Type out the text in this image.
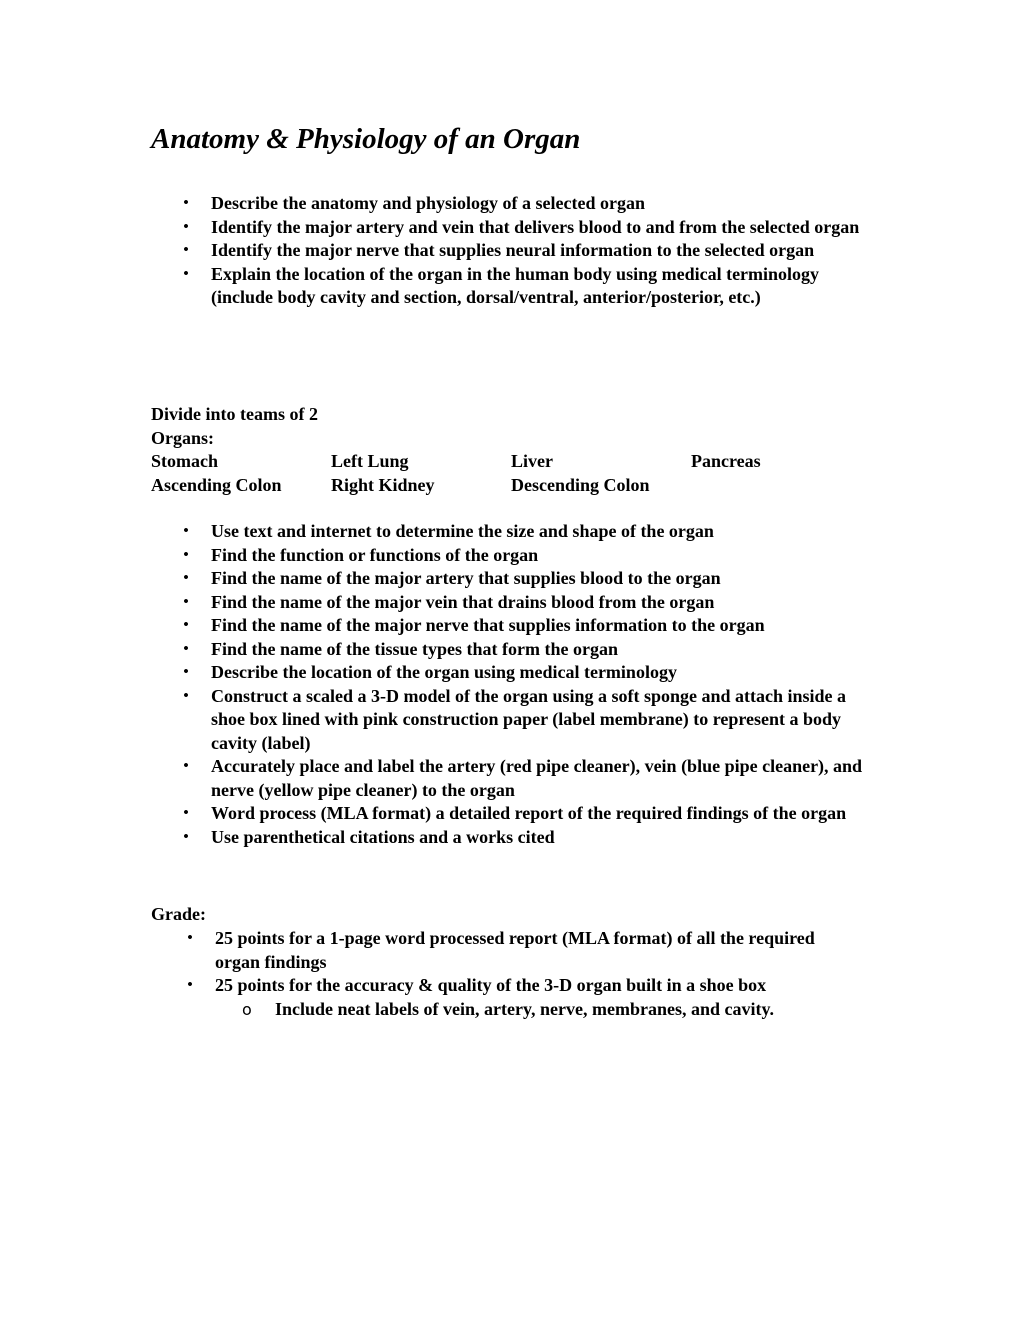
Anatomy & Physiology of an Organ
• Describe the anatomy and physiology of a selected organ
• Identify the major artery and vein that delivers blood to and from the selected organ
• Identify the major nerve that supplies neural information to the selected organ
• Explain the location of the organ in the human body using medical terminology (include body cavity and section, dorsal/ventral, anterior/posterior, etc.)

Divide into teams of 2

Organs:

Stomach	Left Lung	Liver	Pancreas
Ascending Colon	Right Kidney	Descending Colon	
• Use text and internet to determine the size and shape of the organ
• Find the function or functions of the organ
• Find the name of the major artery that supplies blood to the organ
• Find the name of the major vein that drains blood from the organ
• Find the name of the major nerve that supplies information to the organ
• Find the name of the tissue types that form the organ
• Describe the location of the organ using medical terminology
• Construct a scaled a 3-D model of the organ using a soft sponge and attach inside a shoe box lined with pink construction paper (label membrane) to represent a body cavity (label)
• Accurately place and label the artery (red pipe cleaner), vein (blue pipe cleaner), and nerve (yellow pipe cleaner) to the organ
• Word process (MLA format) a detailed report of the required findings of the organ
• Use parenthetical citations and a works cited

Grade:

• 25 points for a 1-page word processed report (MLA format) of all the required organ findings
• 25 points for the accuracy & quality of the 3-D organ built in a shoe box
o Include neat labels of vein, artery, nerve, membranes, and cavity.
